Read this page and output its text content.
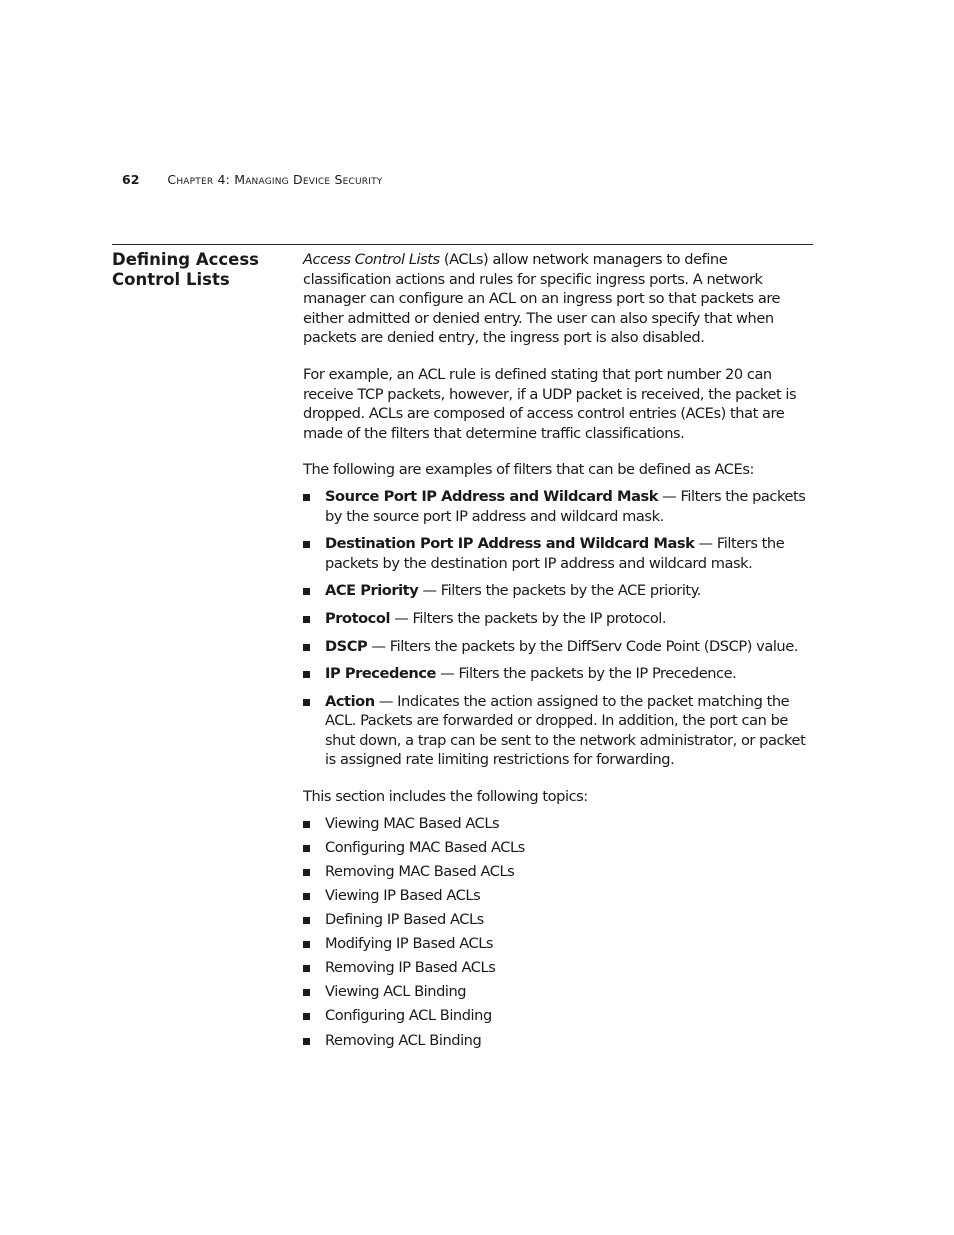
62 Chapter 4: Managing Device Security
Defining Access Control Lists

Access Control Lists (ACLs) allow network managers to define classification actions and rules for specific ingress ports. A network manager can configure an ACL on an ingress port so that packets are either admitted or denied entry. The user can also specify that when packets are denied entry, the ingress port is also disabled.

For example, an ACL rule is defined stating that port number 20 can receive TCP packets, however, if a UDP packet is received, the packet is dropped. ACLs are composed of access control entries (ACEs) that are made of the filters that determine traffic classifications.

The following are examples of filters that can be defined as ACEs:

Source Port IP Address and Wildcard Mask — Filters the packets by the source port IP address and wildcard mask.
Destination Port IP Address and Wildcard Mask — Filters the packets by the destination port IP address and wildcard mask.
ACE Priority — Filters the packets by the ACE priority.
Protocol — Filters the packets by the IP protocol.
DSCP — Filters the packets by the DiffServ Code Point (DSCP) value.
IP Precedence — Filters the packets by the IP Precedence.
Action — Indicates the action assigned to the packet matching the ACL. Packets are forwarded or dropped. In addition, the port can be shut down, a trap can be sent to the network administrator, or packet is assigned rate limiting restrictions for forwarding.

This section includes the following topics:

Viewing MAC Based ACLs
Configuring MAC Based ACLs
Removing MAC Based ACLs
Viewing IP Based ACLs
Defining IP Based ACLs
Modifying IP Based ACLs
Removing IP Based ACLs
Viewing ACL Binding
Configuring ACL Binding
Removing ACL Binding
